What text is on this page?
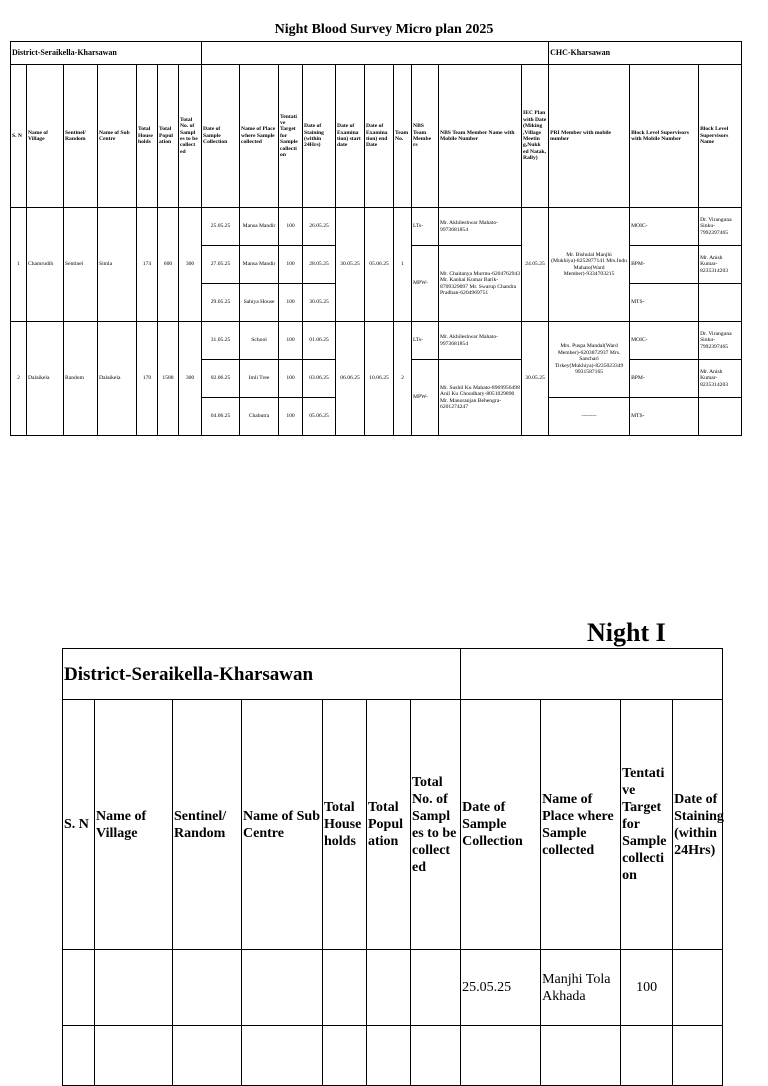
Night Blood Survey Micro plan 2025
District-Seraikella-Kharsawan																	CHC-Kharsawan		
S. N	Name of Village	Sentinel/ Random	Name of Sub Centre	Total House holds	Total Popul ation	Total No. of Sampl es to be collect ed	Date of Sample Collection	Name of Place where Sample collected	Tentati ve Target for Sample collecti on	Date of Staining (within 24Hrs)	Date of Examina tion) start date	Date of Examina tion) end Date	Team No.	NBS Team Membe rs	NBS Team Member Name with Mobile Number	IEC Plan with Date (Miking ,Village Meetin g,Nukk ed Natak, Rally)	PRI Member with mobile number	Block Level Supervisors with Mobile Number	Block Level Supervisors Name
1	Chamrudih	Sentinel	Simla	174	600	300	25.05.25	Mansa Mandir	100	26.05.25	30.05.25	05.06.25	1	LTs-	Mr. Akhileshwar Mahato-9973681854	24.05.25	Mr. Bishulal Manjhi (Mukhiya)-8252877141 Mrs.Indu Mahato(Ward Member)-9334703215	MOIC-	Dr. Viranguna Sinku-7992397465
							27.05.25	Mansa Mandir	100	28.05.25				MPW-	Mr. Chaitanya Murmu-6204762943 Mr. Kanhai Kumar Barik-8709329097 Mr. Swarup Chandra Pradhan-6204969751			BPM-	Mr. Anish Kumar-8235314203
							29.05.25	Sahiya House	100	30.05.25								MTS-	
2	Dalaikela	Random	Dalaikela	170	1588	300	31.05.25	School	100	01.06.25	06.06.25	10.06.25	2	LTs-	Mr. Akhileshwar Mahato-9973681854	30.05.25	Mrs. Puspa Mandal(Ward Member)-6203872937 Mrs. Sanchari Tirkey(Mukhiya)-8235023349 9931587165	MOIC-	Dr. Viranguna Sinku-7992397465
							02.06.25	Imli Tree	100	03.06.25				MPW-	Mr. Sushil Ku Mahato-8969956498 Anil Ku Choudhary-8051029890 Mr. Manoranjan Behengra-6201274247			BPM-	Mr. Anish Kumar-8235314203
							04.06.25	Chabutra	100	05.06.25							--------	MTS-	
Night I
District-Seraikella-Kharsawan										
S. N	Name of Village	Sentinel/ Random	Name of Sub Centre	Total House holds	Total Popul ation	Total No. of Sampl es to be collect ed	Date of Sample Collection	Name of Place where Sample collected	Tentati ve Target for Sample collecti on	Date of Staining (within 24Hrs)
							25.05.25	Manjhi Tola Akhada	100	
